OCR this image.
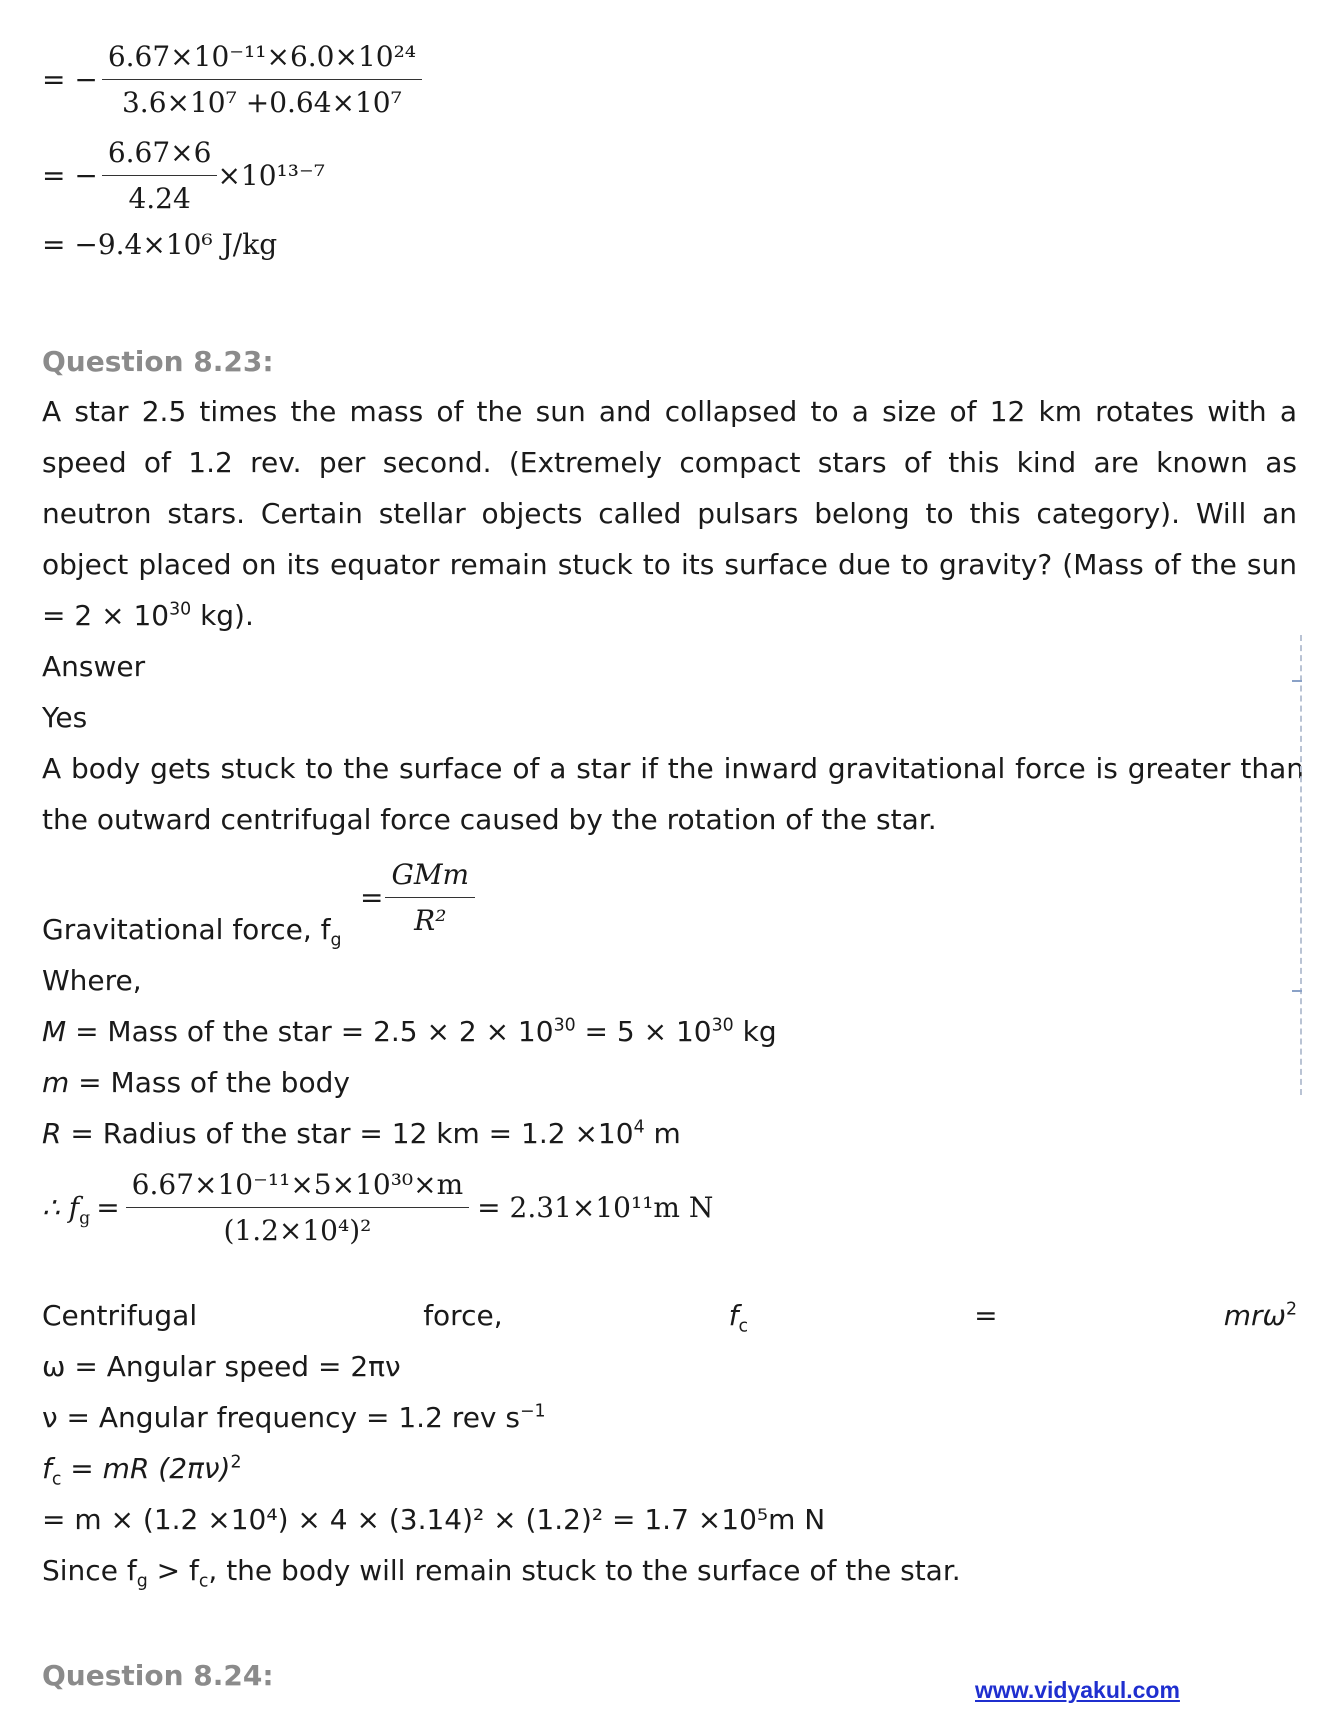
= − $\frac{\text{6.67×10⁻¹¹×6.0×10²⁴}}{\text{3.6×10⁷ +0.64×10⁷}}$
= − $\frac{6.67\times 6}{4.24} \times 10^{13-7}$
= −9.4×10⁶ J/kg
Question 8.23:
A star 2.5 times the mass of the sun and collapsed to a size of 12 km rotates with a
speed of 1.2 rev. per second. (Extremely compact stars of this kind are known as
neutron stars. Certain stellar objects called pulsars belong to this category). Will an
object placed on its equator remain stuck to its surface due to gravity? (Mass of the sun
= $2 \times 10^{30}$ kg).
Answer
Yes
A body gets stuck to the surface of a star if the inward gravitational force is greater than
the outward centrifugal force caused by the rotation of the star.
Gravitational force, $f_g$
= $\frac{\text{GMm}}{\text{R²}}$
Where,
M = Mass of the star = $2.5 \times 2 \times 10^{30} = 5 \times 10^{30}$ kg
m = Mass of the body
R = Radius of the star = 12 km = $1.2 \times 10^4$ m
∴ $f_g = \frac{\text{6.67×10⁻¹¹×5×10³⁰×m}}{\text{(1.2×10⁴)²}} = 2.31\times 10^{11}m$ N
Centrifugal	force,	$f_c$	=	mrω$^2$
ω = Angular speed = 2πν
ν = Angular frequency = 1.2 rev $s^{-1}$
$f_c$ = mR $(2\pi\nu)^2$
= m × (1.2 ×10⁴) × 4 × (3.14)² × (1.2)² = 1.7 ×10⁵m N
Since $f_g > f_c$, the body will remain stuck to the surface of the star.
Question 8.24:	www.vidyakul.com
